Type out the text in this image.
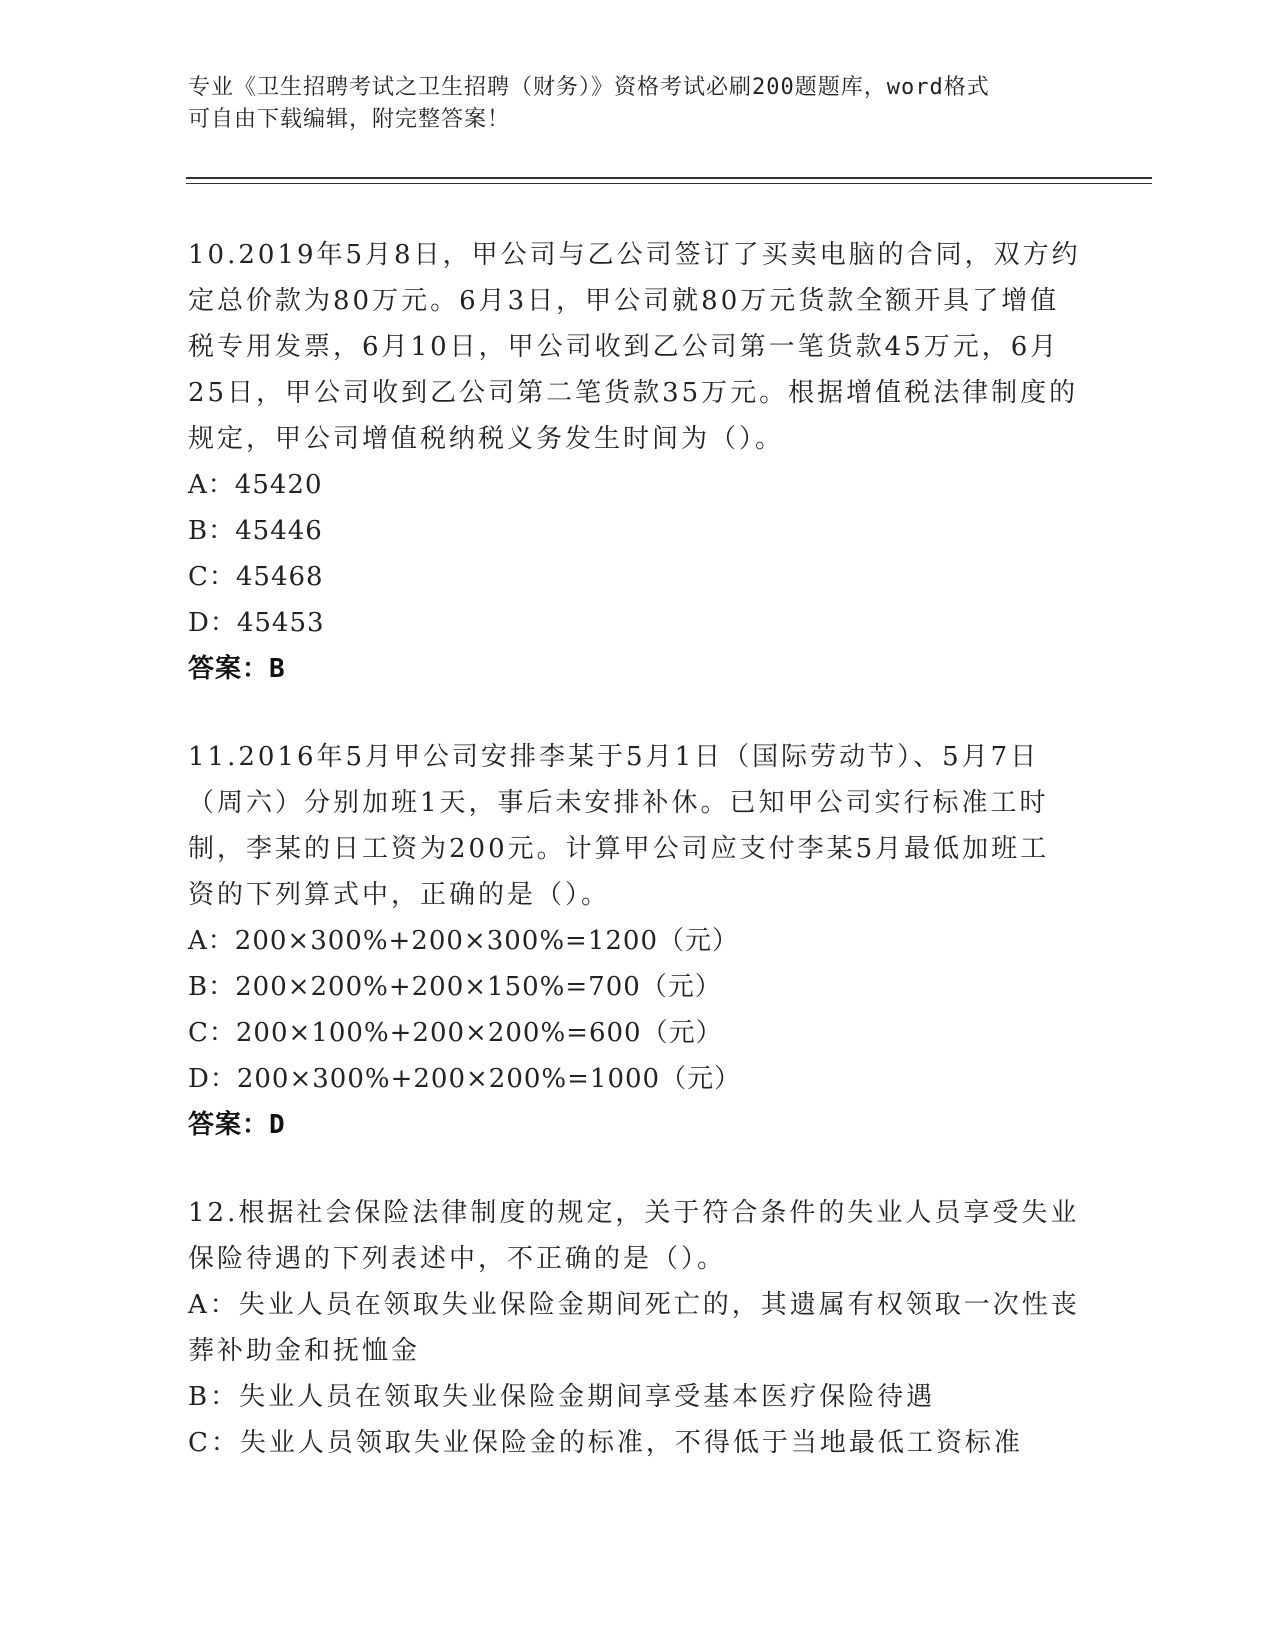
专业《卫生招聘考试之卫生招聘（财务）》资格考试必刷200题题库，word格式
可自由下载编辑，附完整答案！
10.2019年5月8日，甲公司与乙公司签订了买卖电脑的合同，双方约
定总价款为80万元。6月3日，甲公司就80万元货款全额开具了增值
税专用发票，6月10日，甲公司收到乙公司第一笔货款45万元，6月
25日，甲公司收到乙公司第二笔货款35万元。根据增值税法律制度的
规定，甲公司增值税纳税义务发生时间为（）。
A：45420
B：45446
C：45468
D：45453
答案：B
11.2016年5月甲公司安排李某于5月1日（国际劳动节）、5月7日
（周六）分别加班1天，事后未安排补休。已知甲公司实行标准工时
制，李某的日工资为200元。计算甲公司应支付李某5月最低加班工
资的下列算式中，正确的是（）。
A：200×300%+200×300%=1200（元）
B：200×200%+200×150%=700（元）
C：200×100%+200×200%=600（元）
D：200×300%+200×200%=1000（元）
答案：D
12.根据社会保险法律制度的规定，关于符合条件的失业人员享受失业
保险待遇的下列表述中，不正确的是（）。
A：失业人员在领取失业保险金期间死亡的，其遗属有权领取一次性丧
葬补助金和抚恤金
B：失业人员在领取失业保险金期间享受基本医疗保险待遇
C：失业人员领取失业保险金的标准，不得低于当地最低工资标准
